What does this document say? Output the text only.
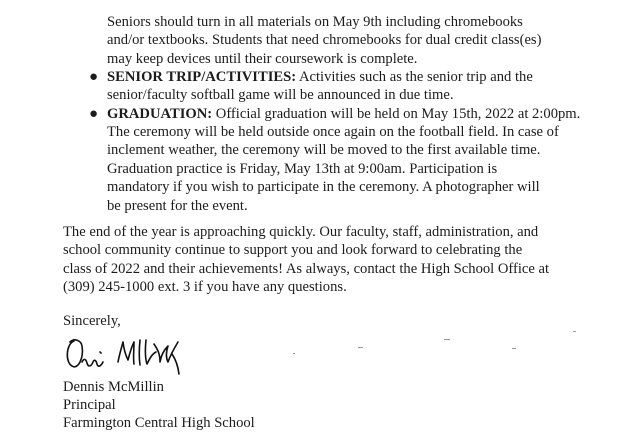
Seniors should turn in all materials on May 9th including chromebooks
and/or textbooks. Students that need chromebooks for dual credit class(es)
may keep devices until their coursework is complete.

● SENIOR TRIP/ACTIVITIES: Activities such as the senior trip and the

senior/faculty softball game will be announced in due time.

● GRADUATION: Official graduation will be held on May 15th, 2022 at 2:00pm.

The ceremony will be held outside once again on the football field. In case of
inclement weather, the ceremony will be moved to the first available time.
Graduation practice is Friday, May 13th at 9:00am. Participation is
mandatory if you wish to participate in the ceremony. A photographer will
be present for the event.

The end of the year is approaching quickly. Our faculty, staff, administration, and
school community continue to support you and look forward to celebrating the
class of 2022 and their achievements! As always, contact the High School Office at
(309) 245-1000 ext. 3 if you have any questions.

Sincerely,

Dennis McMillin

Principal

Farmington Central High School
